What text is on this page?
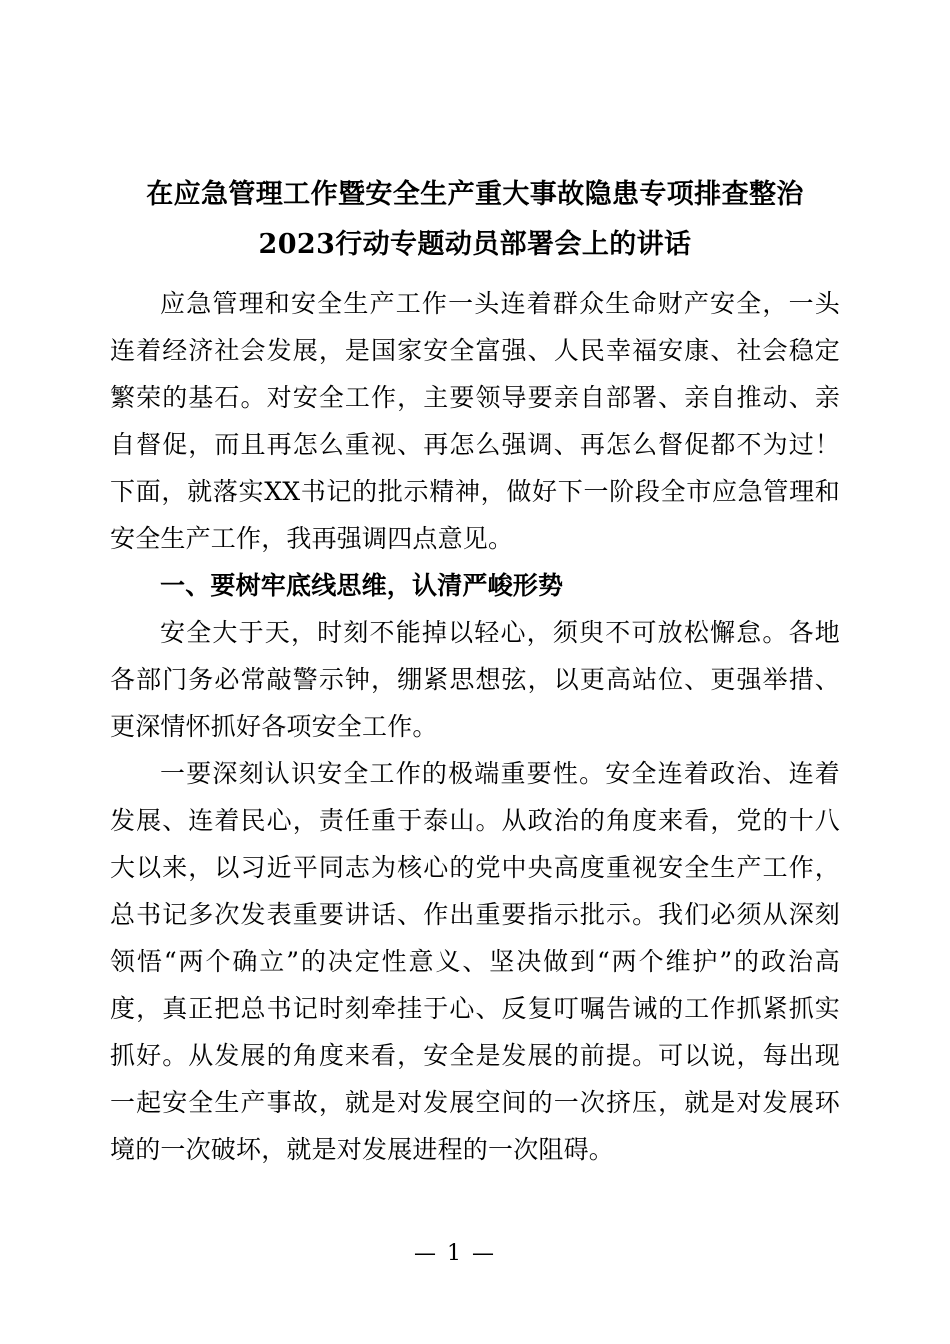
在应急管理工作暨安全生产重大事故隐患专项排查整治2023行动专题动员部署会上的讲话

应急管理和安全生产工作一头连着群众生命财产安全，一头连着经济社会发展，是国家安全富强、人民幸福安康、社会稳定繁荣的基石。对安全工作，主要领导要亲自部署、亲自推动、亲自督促，而且再怎么重视、再怎么强调、再怎么督促都不为过！下面，就落实XX书记的批示精神，做好下一阶段全市应急管理和安全生产工作，我再强调四点意见。

一、要树牢底线思维，认清严峻形势

安全大于天，时刻不能掉以轻心，须臾不可放松懈怠。各地各部门务必常敲警示钟，绷紧思想弦，以更高站位、更强举措、更深情怀抓好各项安全工作。

一要深刻认识安全工作的极端重要性。安全连着政治、连着发展、连着民心，责任重于泰山。从政治的角度来看，党的十八大以来，以习近平同志为核心的党中央高度重视安全生产工作，总书记多次发表重要讲话、作出重要指示批示。我们必须从深刻领悟“两个确立”的决定性意义、坚决做到“两个维护”的政治高度，真正把总书记时刻牵挂于心、反复叮嘱告诫的工作抓紧抓实抓好。从发展的角度来看，安全是发展的前提。可以说，每出现一起安全生产事故，就是对发展空间的一次挤压，就是对发展环境的一次破坏，就是对发展进程的一次阻碍。

— 1 —
